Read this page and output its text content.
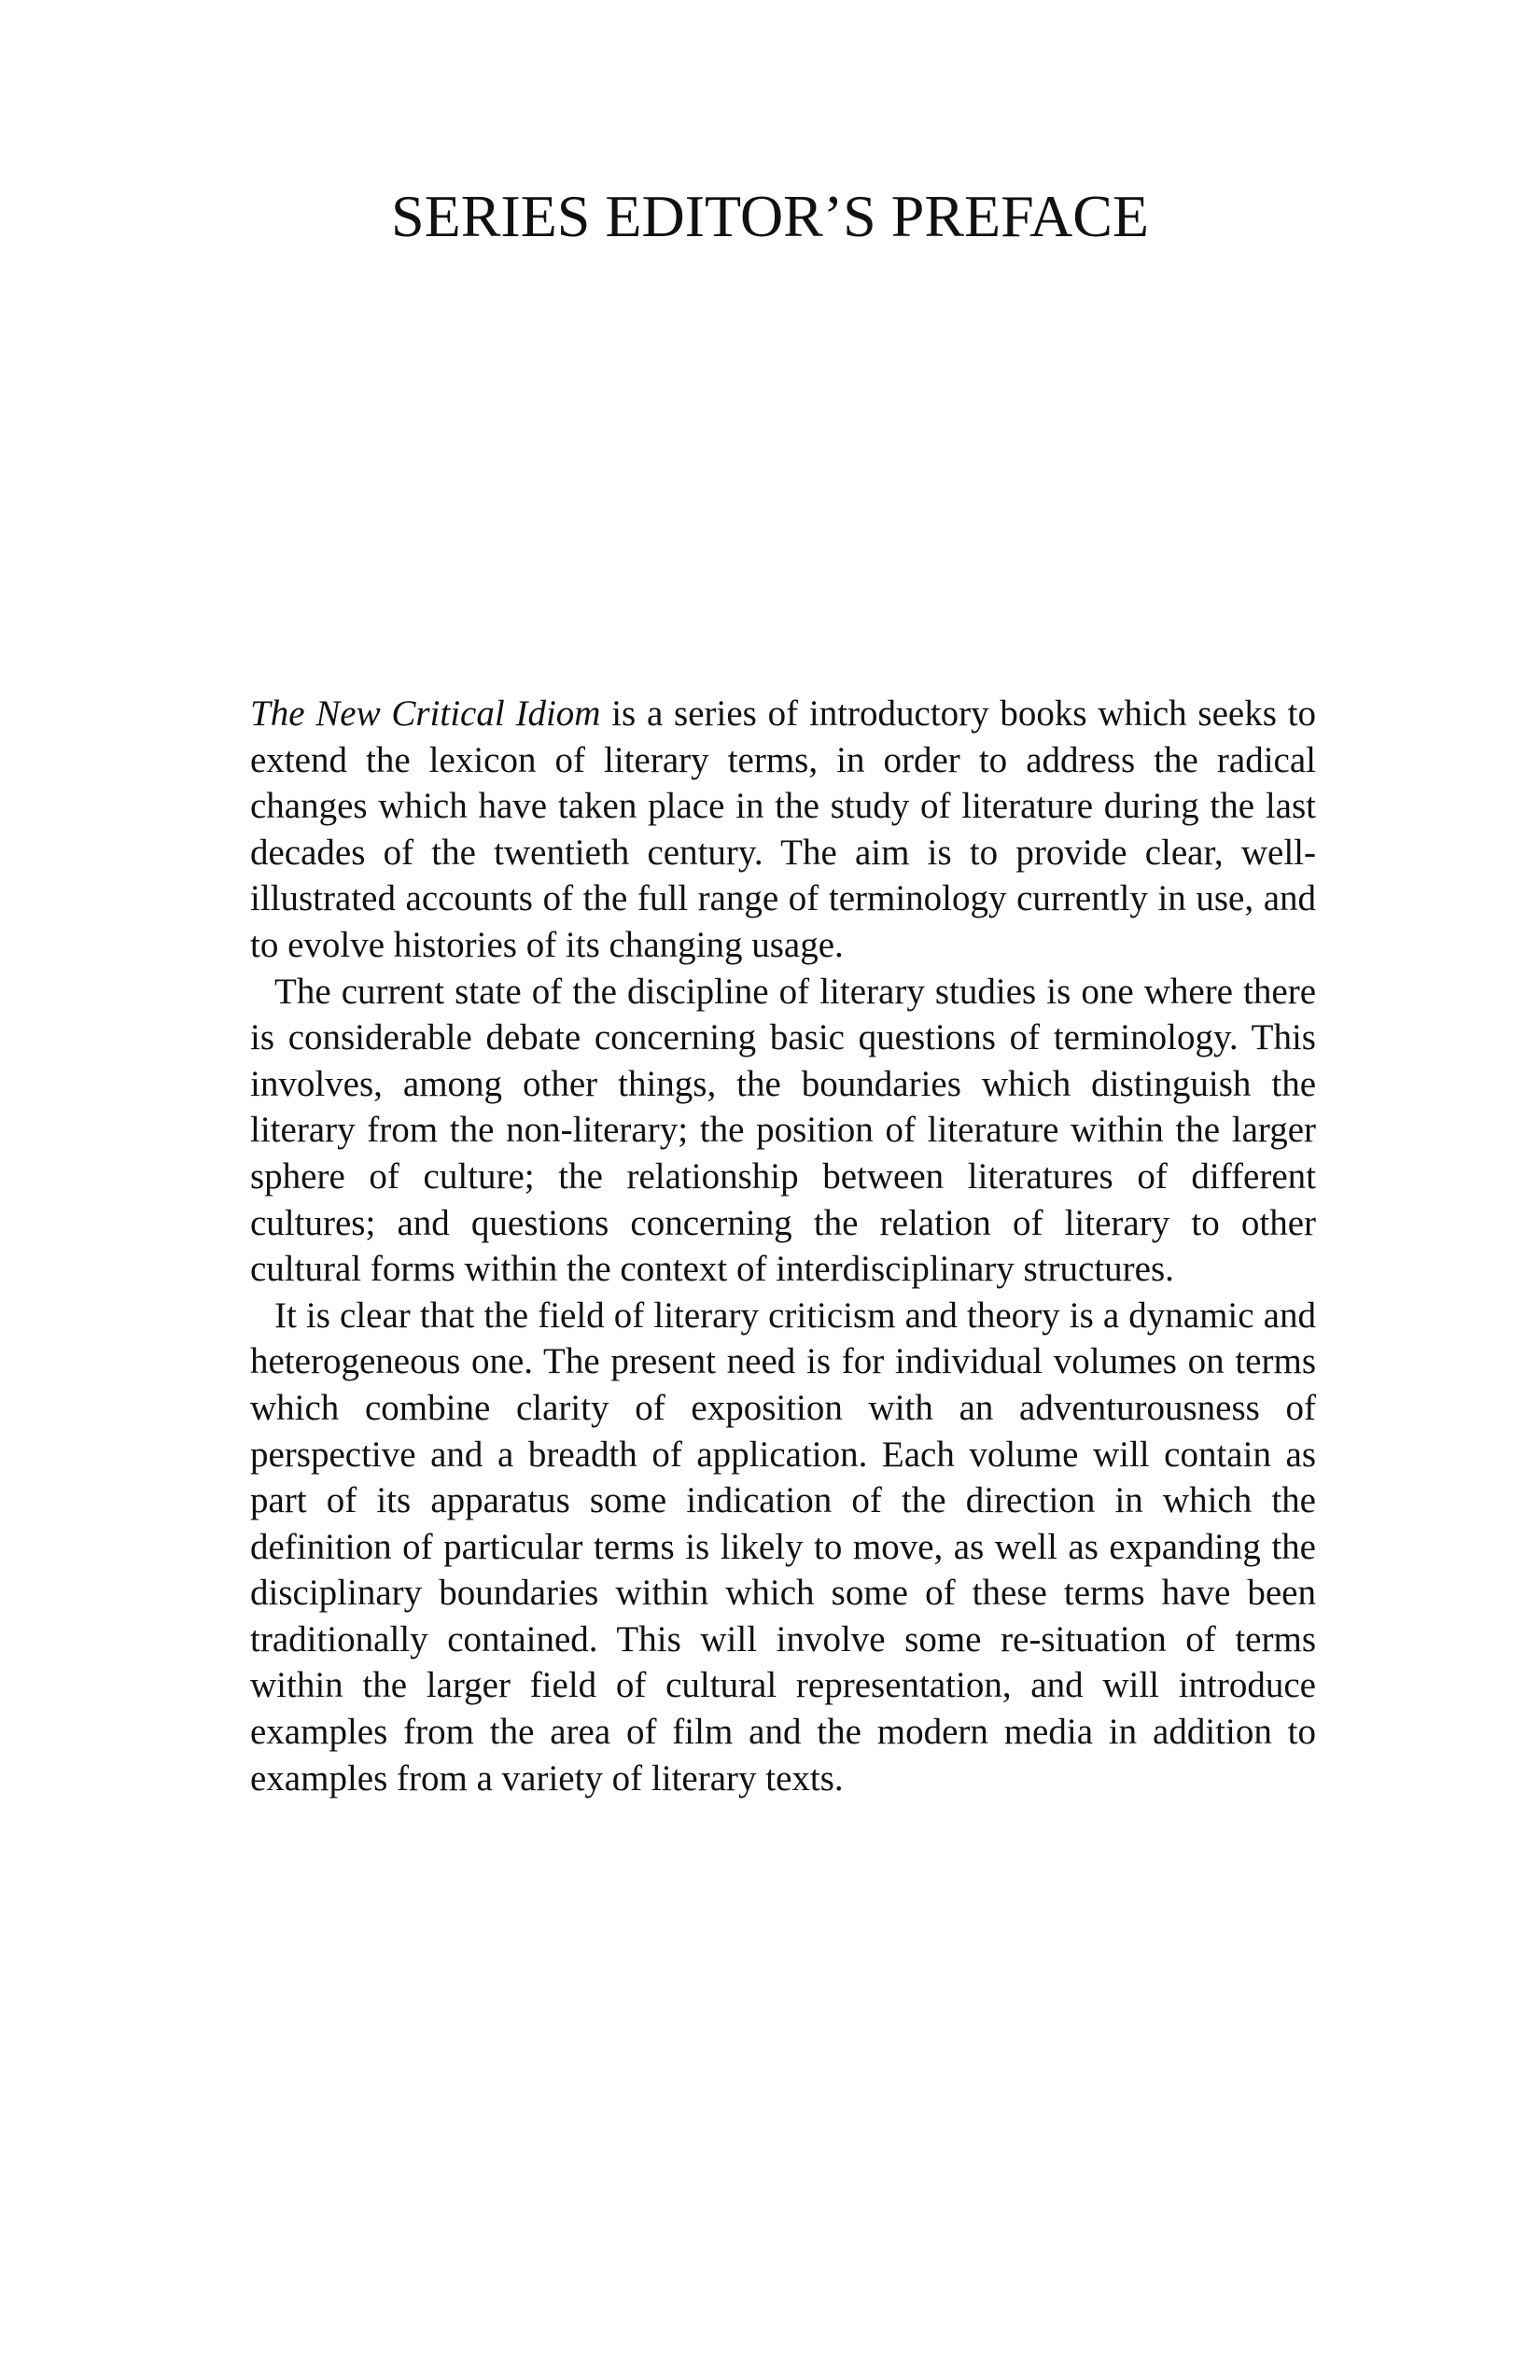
SERIES EDITOR’S PREFACE

The New Critical Idiom is a series of introductory books which seeks to extend the lexicon of literary terms, in order to address the radical changes which have taken place in the study of literature during the last decades of the twentieth century. The aim is to provide clear, well-illustrated accounts of the full range of terminology currently in use, and to evolve histories of its changing usage.

The current state of the discipline of literary studies is one where there is considerable debate concerning basic questions of terminology. This involves, among other things, the boundaries which distinguish the literary from the non-literary; the position of literature within the larger sphere of culture; the relationship between literatures of different cultures; and questions concerning the relation of literary to other cultural forms within the context of interdisciplinary structures.

It is clear that the field of literary criticism and theory is a dynamic and heterogeneous one. The present need is for individual volumes on terms which combine clarity of exposition with an adventurousness of perspective and a breadth of application. Each volume will contain as part of its apparatus some indication of the direction in which the definition of particular terms is likely to move, as well as expanding the disciplinary boundaries within which some of these terms have been traditionally contained. This will involve some re-situation of terms within the larger field of cultural representation, and will introduce examples from the area of film and the modern media in addition to examples from a variety of literary texts.
